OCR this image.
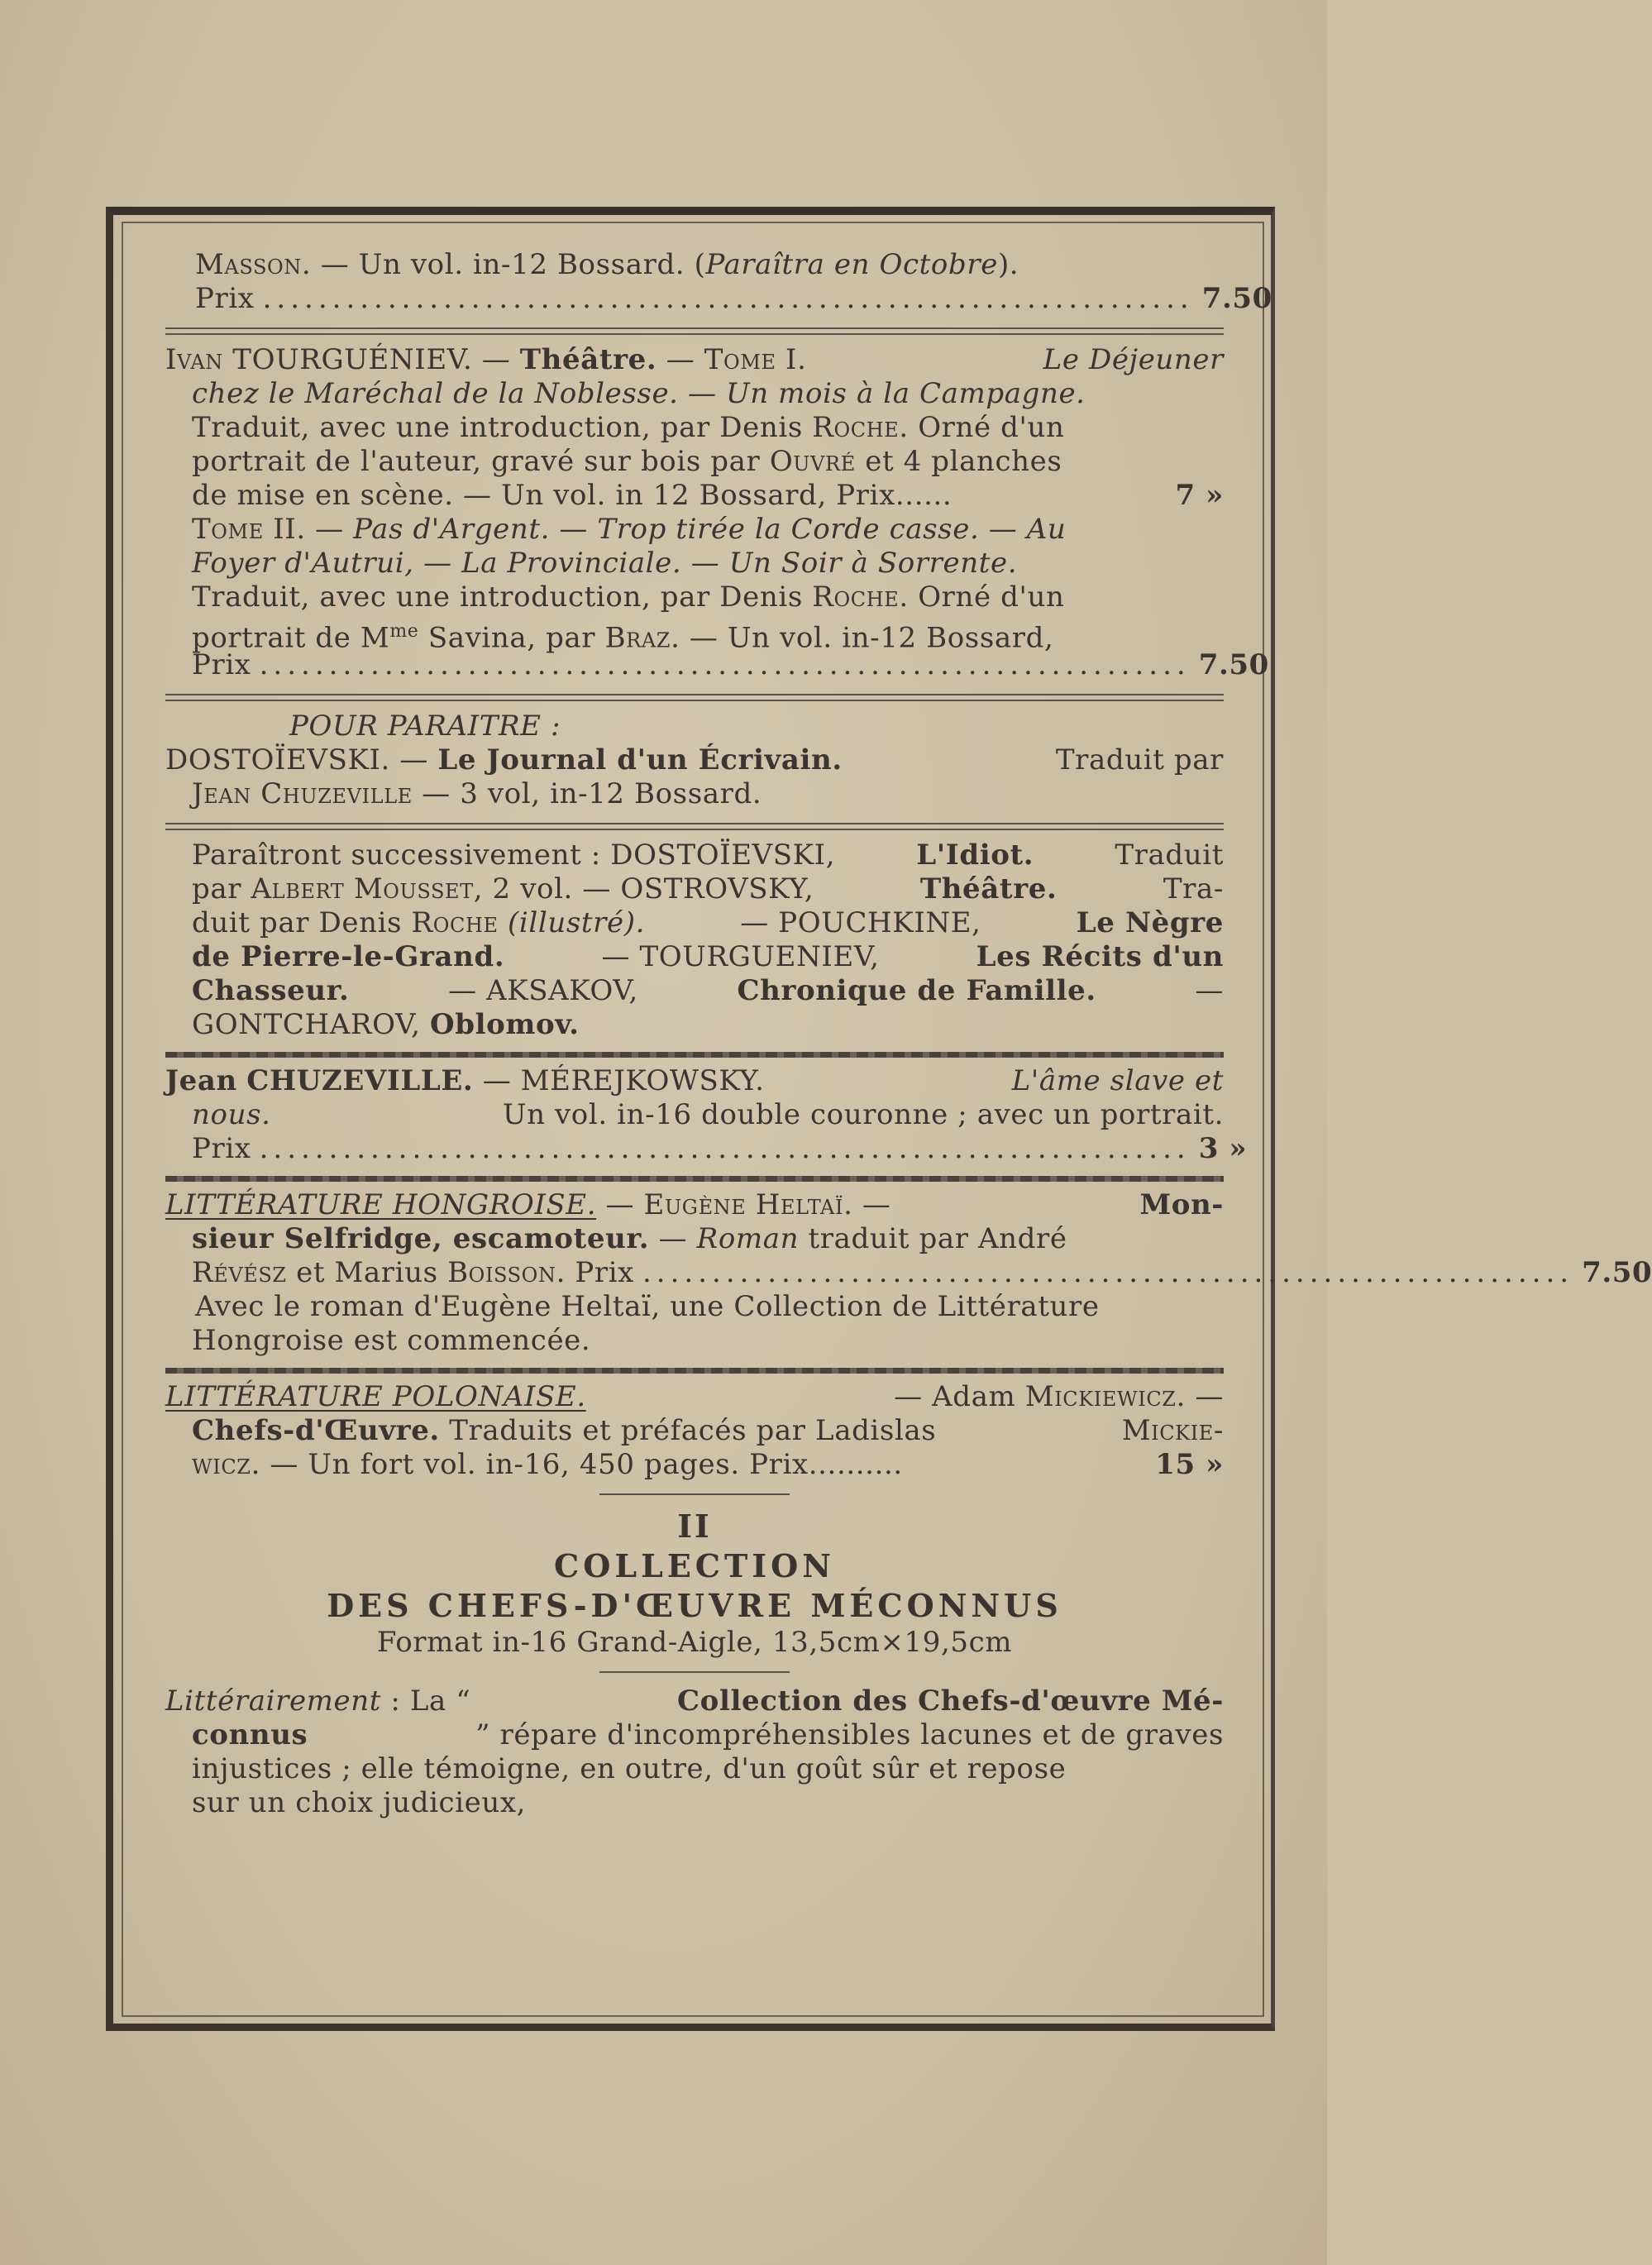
Masson. — Un vol. in-12 Bossard. (Paraîtra en Octobre).
Prix ................................................................... 7.50
Ivan TOURGUÉNIEV. — Théâtre. — Tome I.	Le Déjeuner
chez le Maréchal de la Noblesse. — Un mois à la Campagne.
Traduit, avec une introduction, par Denis Roche. Orné d'un
portrait de l'auteur, gravé sur bois par Ouvré et 4 planches
de mise en scène. — Un vol. in 12 Bossard, Prix......	7 »
Tome II. — Pas d'Argent. — Trop tirée la Corde casse. — Au
Foyer d'Autrui, — La Provinciale. — Un Soir à Sorrente.
Traduit, avec une introduction, par Denis Roche. Orné d'un
portrait de $M^{me}$ Savina, par Braz. — Un vol. in-12 Bossard,
Prix ................................................................... 7.50
POUR PARAITRE :
DOSTOÏEVSKI. — Le Journal d'un Écrivain.	Traduit par
Jean Chuzeville — 3 vol, in-12 Bossard.
Paraîtront successivement : DOSTOÏEVSKI,	L'Idiot.	Traduit
par Albert Mousset, 2 vol. — OSTROVSKY,	Théâtre.	Tra-
duit par Denis Roche (illustré).	— POUCHKINE,	Le Nègre
de Pierre-le-Grand.	— TOURGUENIEV,	Les Récits d'un
Chasseur.	— AKSAKOV,	Chronique de Famille.	—
GONTCHAROV, Oblomov.
Jean CHUZEVILLE. — MÉREJKOWSKY.	L'âme slave et
nous.	Un vol. in-16 double couronne ; avec un portrait.
Prix ................................................................... 3 »
LITTÉRATURE HONGROISE. — Eugène Heltaï. —	Mon-
sieur Selfridge, escamoteur. — Roman traduit par André
Révész et Marius Boisson. Prix ................................................................... 7.50
Avec le roman d'Eugène Heltaï, une Collection de Littérature
Hongroise est commencée.
LITTÉRATURE POLONAISE.	— Adam Mickiewicz. —
Chefs-d'Œuvre. Traduits et préfacés par Ladislas	Mickie-
wicz. — Un fort vol. in-16, 450 pages. Prix..........	15 »
II
COLLECTION
DES CHEFS-D'ŒUVRE MÉCONNUS
Format in-16 Grand-Aigle, 13,5cm×19,5cm
Littérairement : La “	Collection des Chefs-d'œuvre Mé-
connus	” répare d'incompréhensibles lacunes et de graves
injustices ; elle témoigne, en outre, d'un goût sûr et repose
sur un choix judicieux,
